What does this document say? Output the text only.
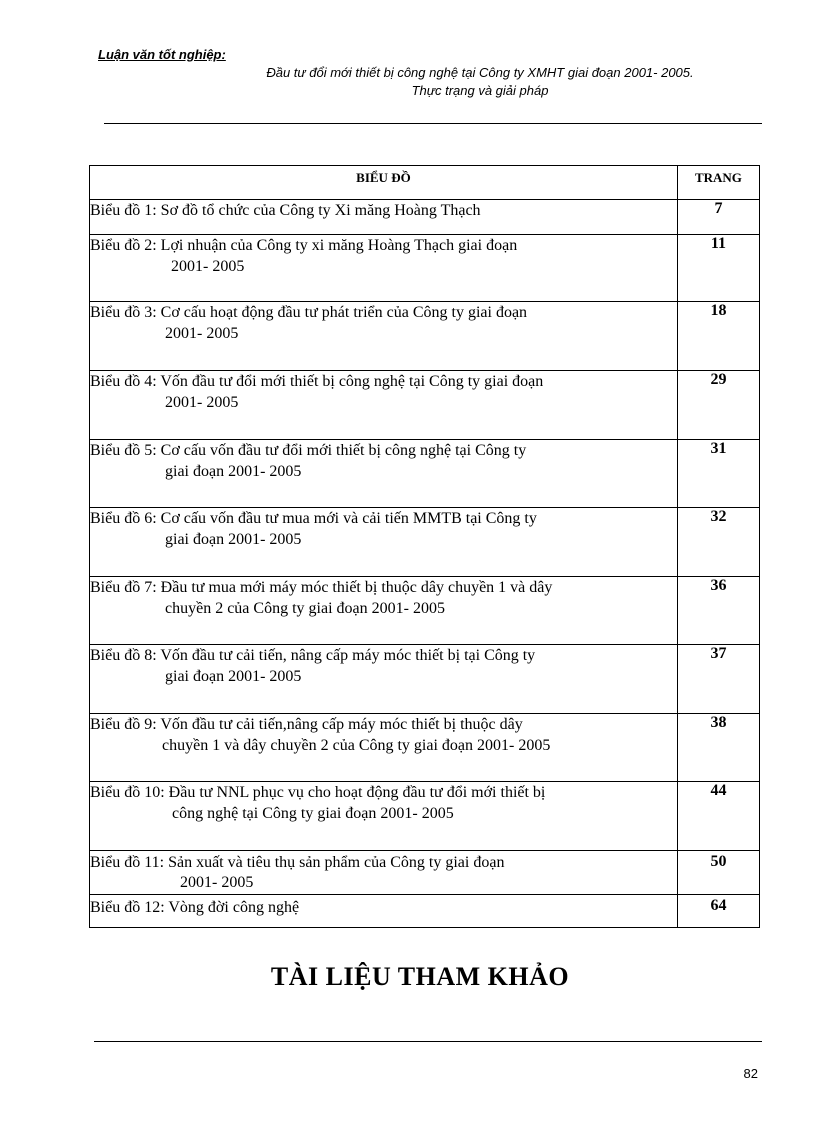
Luận văn tốt nghiệp:
Đầu tư đổi mới thiết bị công nghệ tại Công ty XMHT giai đoạn 2001- 2005.
Thực trạng và giải pháp
BIỂU ĐỒ	TRANG

Biểu đồ 1: Sơ đồ tổ chức của Công ty Xi măng Hoàng Thạch	7

Biểu đồ 2: Lợi nhuận của Công ty xi măng Hoàng Thạch giai đoạn
2001- 2005	11

Biểu đồ 3: Cơ cấu hoạt động đầu tư phát triển của Công ty giai đoạn
2001- 2005	18

Biểu đồ 4: Vốn đầu tư đổi mới thiết bị công nghệ tại Công ty giai đoạn
2001- 2005	29

Biểu đồ 5: Cơ cấu vốn đầu tư đổi mới thiết bị công nghệ tại Công ty
giai đoạn 2001- 2005	31

Biểu đồ 6: Cơ cấu vốn đầu tư mua mới và cải tiến MMTB tại Công ty
giai đoạn 2001- 2005	32

Biểu đồ 7: Đầu tư mua mới máy móc thiết bị thuộc dây chuyền 1 và dây
chuyền 2 của Công ty giai đoạn 2001- 2005	36

Biểu đồ 8: Vốn đầu tư cải tiến, nâng cấp máy móc thiết bị tại Công ty
giai đoạn 2001- 2005	37

Biểu đồ 9: Vốn đầu tư cải tiến,nâng cấp máy móc thiết bị thuộc dây
chuyền 1 và dây chuyền 2 của Công ty giai đoạn 2001- 2005	38

Biểu đồ 10: Đầu tư NNL phục vụ cho hoạt động đầu tư đổi mới thiết bị
công nghệ tại Công ty giai đoạn 2001- 2005	44

Biểu đồ 11: Sản xuất và tiêu thụ sản phẩm của Công ty giai đoạn
2001- 2005	50

Biểu đồ 12: Vòng đời công nghệ	64
TÀI LIỆU THAM KHẢO
82
